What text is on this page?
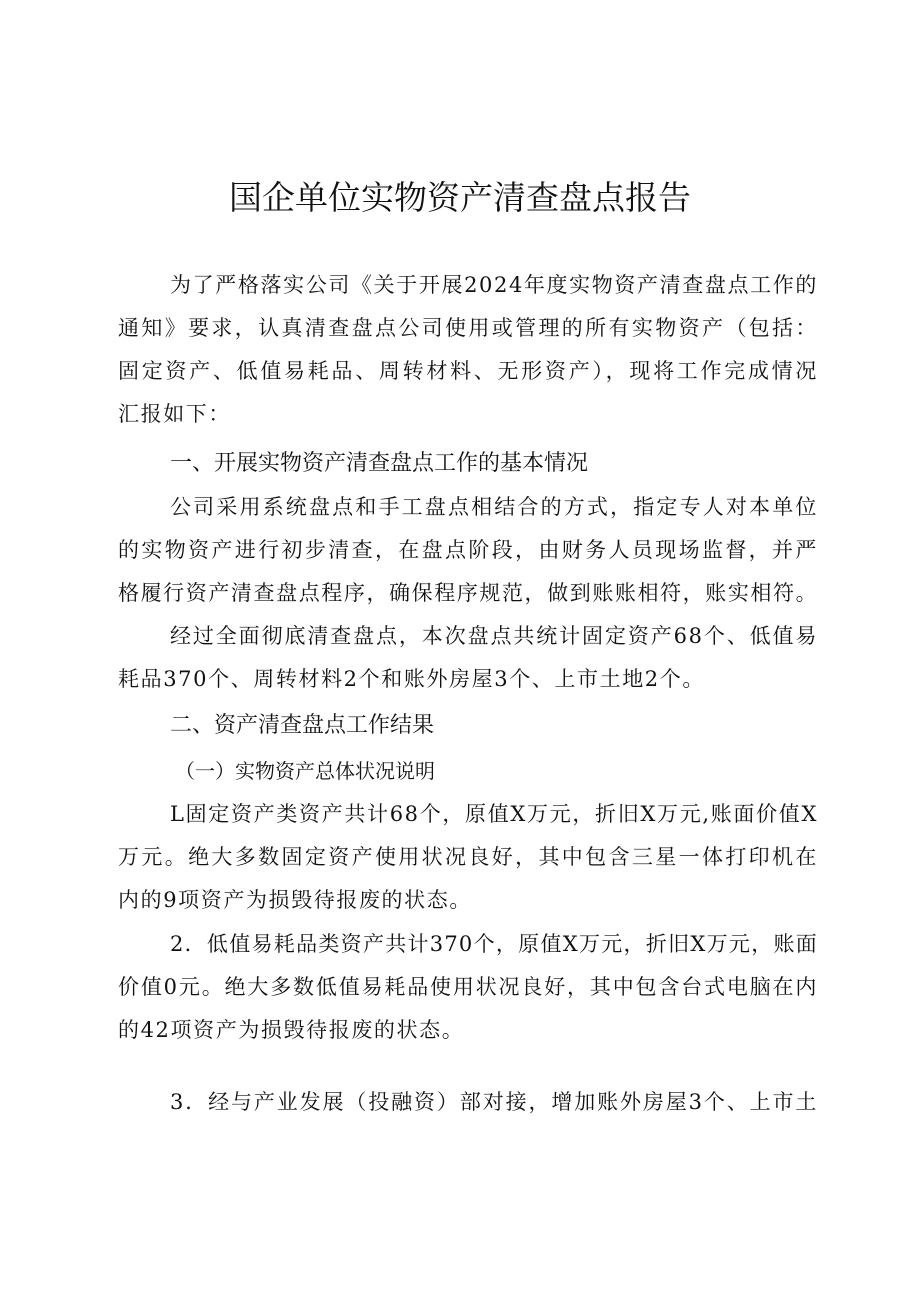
国企单位实物资产清查盘点报告
为了严格落实公司《关于开展2024年度实物资产清查盘点工作的
通知》要求，认真清查盘点公司使用或管理的所有实物资产（包括：
固定资产、低值易耗品、周转材料、无形资产），现将工作完成情况
汇报如下：
一、开展实物资产清查盘点工作的基本情况
公司采用系统盘点和手工盘点相结合的方式，指定专人对本单位
的实物资产进行初步清查，在盘点阶段，由财务人员现场监督，并严
格履行资产清查盘点程序，确保程序规范，做到账账相符，账实相符。
经过全面彻底清查盘点，本次盘点共统计固定资产68个、低值易
耗品370个、周转材料2个和账外房屋3个、上市土地2个。
二、资产清查盘点工作结果
（一）实物资产总体状况说明
L固定资产类资产共计68个，原值X万元，折旧X万元,账面价值X
万元。绝大多数固定资产使用状况良好，其中包含三星一体打印机在
内的9项资产为损毁待报废的状态。
2．低值易耗品类资产共计370个，原值X万元，折旧X万元，账面
价值0元。绝大多数低值易耗品使用状况良好，其中包含台式电脑在内
的42项资产为损毁待报废的状态。
3．经与产业发展（投融资）部对接，增加账外房屋3个、上市土
